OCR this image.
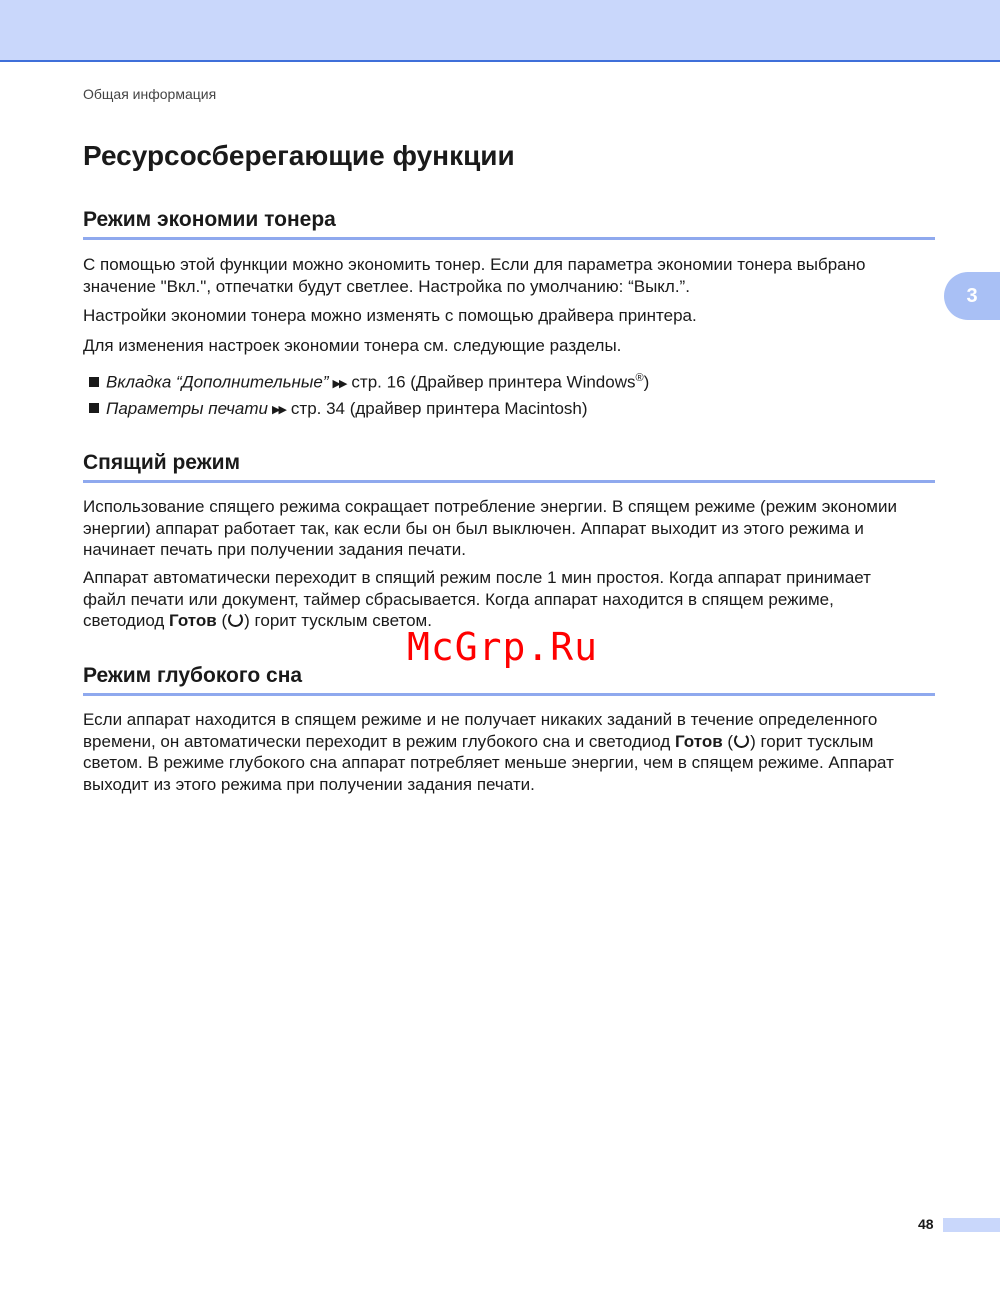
Общая информация
3
Ресурсосберегающие функции
Режим экономии тонера

С помощью этой функции можно экономить тонер. Если для параметра экономии тонера выбрано
значение "Вкл.", отпечатки будут светлее. Настройка по умолчанию: “Выкл.”.

Настройки экономии тонера можно изменять с помощью драйвера принтера.

Для изменения настроек экономии тонера см. следующие разделы.

Вкладка “Дополнительные” ▶▶ стр. 16 (Драйвер принтера Windows®)

Параметры печати ▶▶ стр. 34 (драйвер принтера Macintosh)

Спящий режим

Использование спящего режима сокращает потребление энергии. В спящем режиме (режим экономии
энергии) аппарат работает так, как если бы он был выключен. Аппарат выходит из этого режима и
начинает печать при получении задания печати.

Аппарат автоматически переходит в спящий режим после 1 мин простоя. Когда аппарат принимает
файл печати или документ, таймер сбрасывается. Когда аппарат находится в спящем режиме,
светодиод Готов ( ) горит тусклым светом.

Режим глубокого сна

Если аппарат находится в спящем режиме и не получает никаких заданий в течение определенного
времени, он автоматически переходит в режим глубокого сна и светодиод Готов ( ) горит тусклым
светом. В режиме глубокого сна аппарат потребляет меньше энергии, чем в спящем режиме. Аппарат
выходит из этого режима при получении задания печати.

McGrp.Ru
48
